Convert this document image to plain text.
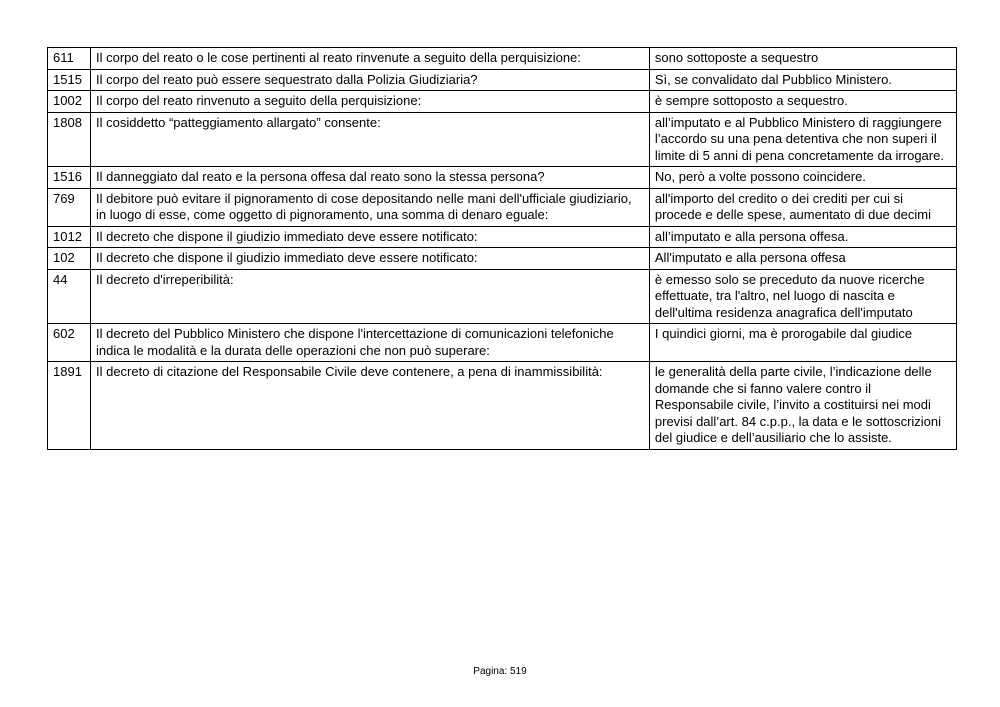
611	Il corpo del reato o le cose pertinenti al reato rinvenute a seguito della perquisizione:	sono sottoposte a sequestro
1515	Il corpo del reato può essere sequestrato dalla Polizia Giudiziaria?	Sì, se convalidato dal Pubblico Ministero.
1002	Il corpo del reato rinvenuto a seguito della perquisizione:	è sempre sottoposto a sequestro.
1808	Il cosiddetto “patteggiamento allargato” consente:	all’imputato e al Pubblico Ministero di raggiungere l’accordo su una pena detentiva che non superi il limite di 5 anni di pena concretamente da irrogare.
1516	Il danneggiato dal reato e la persona offesa dal reato sono la stessa persona?	No, però a volte possono coincidere.
769	Il debitore può evitare il pignoramento di cose depositando nelle mani dell'ufficiale giudiziario, in luogo di esse, come oggetto di pignoramento, una somma di denaro eguale:	all'importo del credito o dei crediti per cui si procede e delle spese, aumentato di due decimi
1012	Il decreto che dispone il giudizio immediato deve essere notificato:	all’imputato e alla persona offesa.
102	Il decreto che dispone il giudizio immediato deve essere notificato:	All'imputato e alla persona offesa
44	Il decreto d'irreperibilità:	è emesso solo se preceduto da nuove ricerche effettuate, tra l'altro, nel luogo di nascita e dell'ultima residenza anagrafica dell'imputato
602	Il decreto del Pubblico Ministero che dispone l'intercettazione di comunicazioni telefoniche indica le modalità e la durata delle operazioni che non può superare:	I quindici giorni, ma è prorogabile dal giudice
1891	Il decreto di citazione del Responsabile Civile deve contenere, a pena di inammissibilità:	le generalità della parte civile, l’indicazione delle domande che si fanno valere contro il Responsabile civile, l’invito a costituirsi nei modi previsi dall’art. 84 c.p.p., la data e le sottoscrizioni del giudice e dell’ausiliario che lo assiste.
Pagina: 519
